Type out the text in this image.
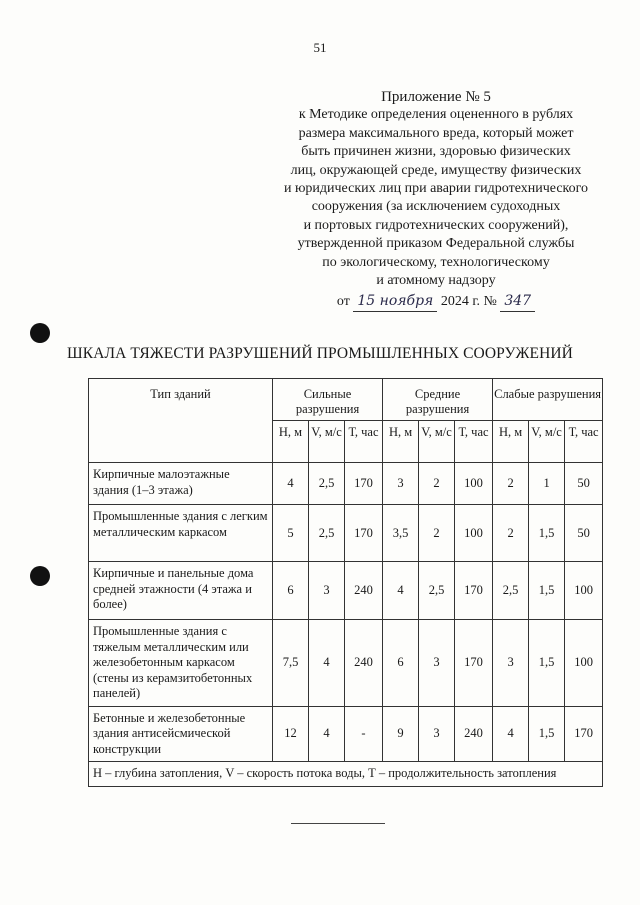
51
Приложение № 5
к Методике определения оцененного в рублях
размера максимального вреда, который может
быть причинен жизни, здоровью физических
лиц, окружающей среде, имуществу физических
и юридических лиц при аварии гидротехнического
сооружения (за исключением судоходных
и портовых гидротехнических сооружений),
утвержденной приказом Федеральной службы
по экологическому, технологическому
и атомному надзору
от 15 ноября 2024 г. № 347
ШКАЛА ТЯЖЕСТИ РАЗРУШЕНИЙ ПРОМЫШЛЕННЫХ СООРУЖЕНИЙ
Тип зданий	Сильные разрушения			Средние разрушения			Слабые разрушения		
	Н, м	V, м/с	Т, час	Н, м	V, м/с	Т, час	Н, м	V, м/с	Т, час
Кирпичные малоэтажные здания (1–3 этажа)	4	2,5	170	3	2	100	2	1	50
Промышленные здания с легким металлическим каркасом	5	2,5	170	3,5	2	100	2	1,5	50
Кирпичные и панельные дома средней этажности (4 этажа и более)	6	3	240	4	2,5	170	2,5	1,5	100
Промышленные здания с тяжелым металлическим или железобетонным каркасом (стены из керамзитобетонных панелей)	7,5	4	240	6	3	170	3	1,5	100
Бетонные и железобетонные здания антисейсмической конструкции	12	4	-	9	3	240	4	1,5	170
Н – глубина затопления, V – скорость потока воды, Т – продолжительность затопления									
